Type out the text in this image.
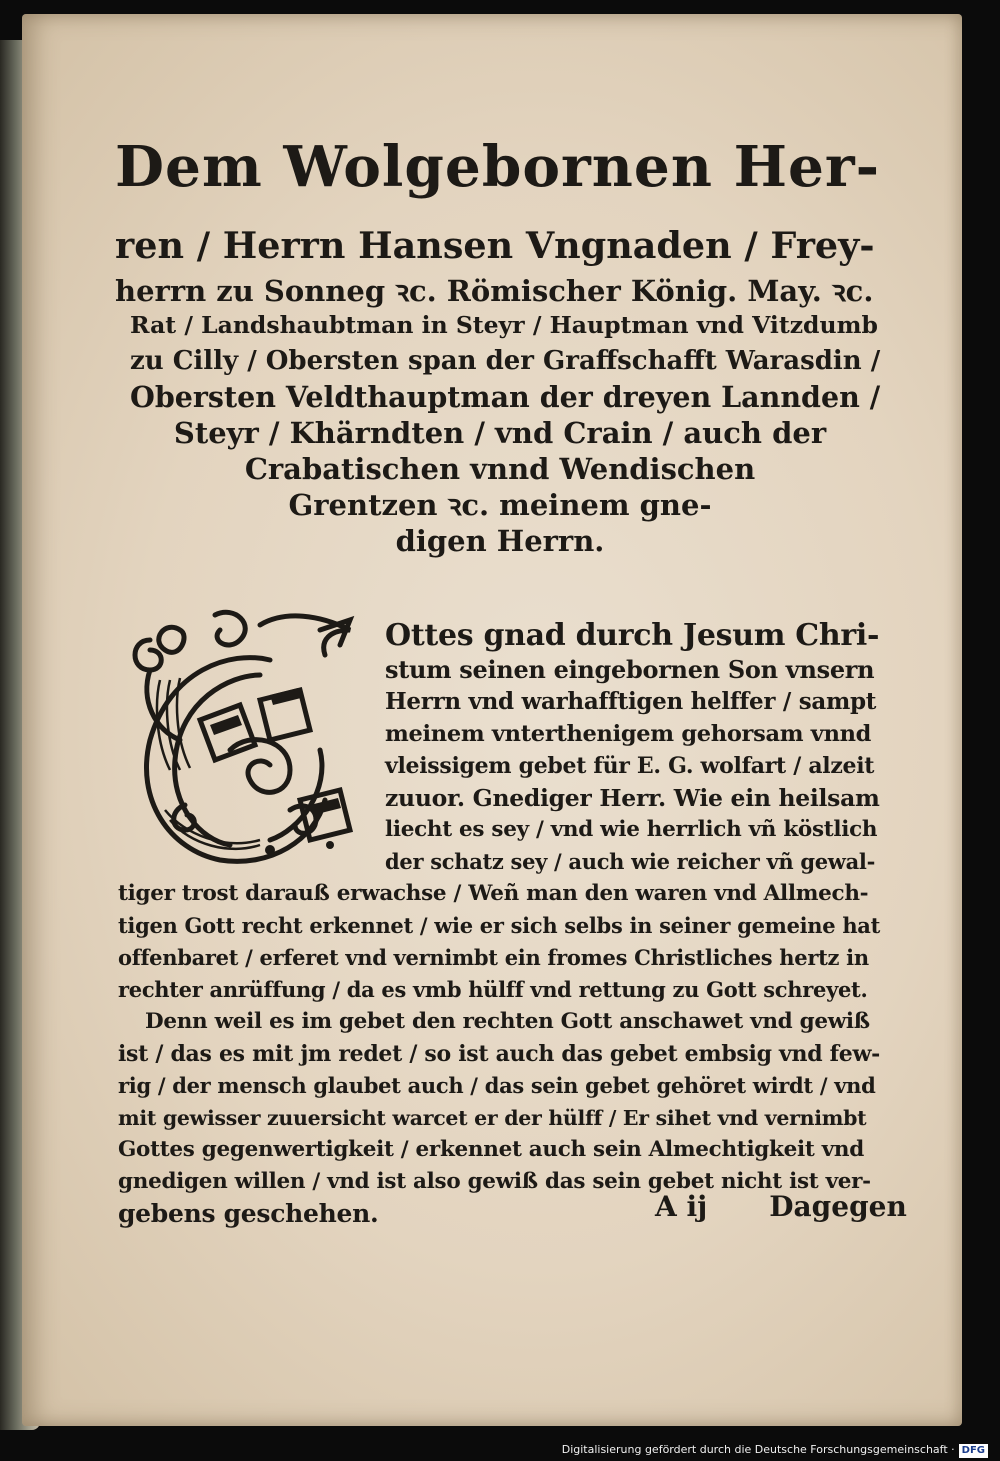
Dem Wolgebornen Her-
ren / Herrn Hansen Vngnaden / Frey-
herrn zu Sonneg ꝛc. Römischer König. May. ꝛc.
Rat / Landshaubtman in Steyr / Hauptman vnd Vitzdumb
zu Cilly / Obersten span der Graffschafft Warasdin /
Obersten Veldthauptman der dreyen Lannden /
Steyr / Khärndten / vnd Crain / auch der
Crabatischen vnnd Wendischen
Grentzen ꝛc. meinem gne-
digen Herrn.
Ottes gnad durch Jesum Chri-
stum seinen eingebornen Son vnsern
Herrn vnd warhafftigen helffer / sampt
meinem vnterthenigem gehorsam vnnd
vleissigem gebet für E. G. wolfart / alzeit
zuuor. Gnediger Herr. Wie ein heilsam
liecht es sey / vnd wie herrlich vñ köstlich
der schatz sey / auch wie reicher vñ gewal-
tiger trost darauß erwachse / Weñ man den waren vnd Allmech-
tigen Gott recht erkennet / wie er sich selbs in seiner gemeine hat
offenbaret / erferet vnd vernimbt ein fromes Christliches hertz in
rechter anrüffung / da es vmb hülff vnd rettung zu Gott schreyet.
Denn weil es im gebet den rechten Gott anschawet vnd gewiß
ist / das es mit jm redet / so ist auch das gebet embsig vnd few-
rig / der mensch glaubet auch / das sein gebet gehöret wirdt / vnd
mit gewisser zuuersicht warcet er der hülff / Er sihet vnd vernimbt
Gottes gegenwertigkeit / erkennet auch sein Almechtigkeit vnd
gnedigen willen / vnd ist also gewiß das sein gebet nicht ist ver-
gebens geschehen.	A ij Dagegen
Digitalisierung gefördert durch die Deutsche Forschungsgemeinschaft · DFG
